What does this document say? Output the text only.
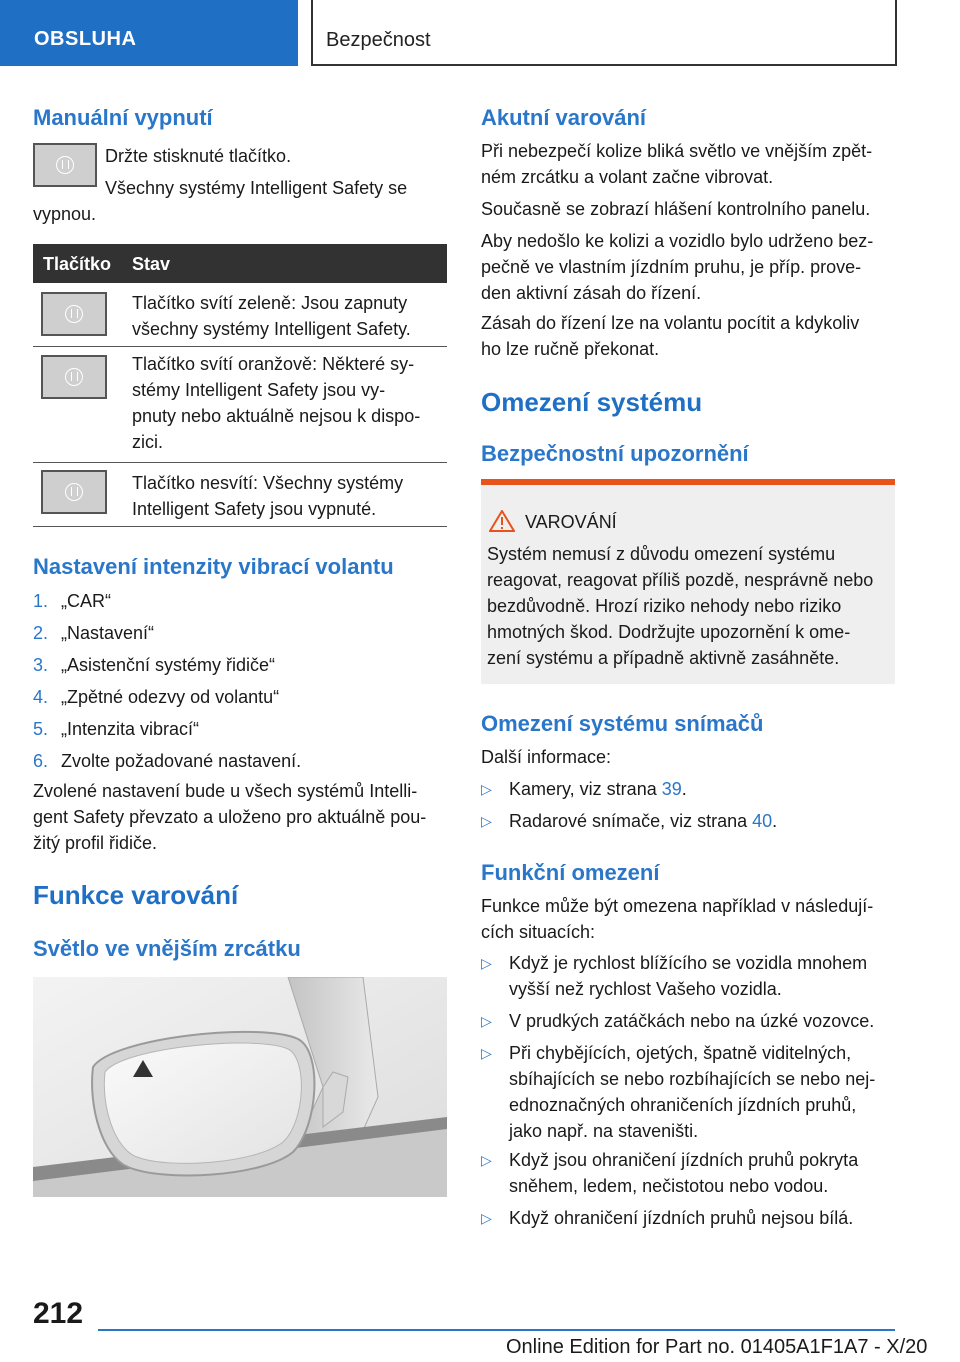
OBSLUHA	Bezpečnost
Manuální vypnutí
Držte stisknuté tlačítko.
Všechny systémy Intelligent Safety se
vypnou.
Tlačítko Stav
Tlačítko svítí zeleně: Jsou zapnuty
všechny systémy Intelligent Safety.
Tlačítko svítí oranžově: Některé sy-
stémy Intelligent Safety jsou vy-
pnuty nebo aktuálně nejsou k dispo-
zici.
Tlačítko nesvítí: Všechny systémy
Intelligent Safety jsou vypnuté.
Nastavení intenzity vibrací volantu
1. „CAR“
2. „Nastavení“
3. „Asistenční systémy řidiče“
4. „Zpětné odezvy od volantu“
5. „Intenzita vibrací“
6. Zvolte požadované nastavení.
Zvolené nastavení bude u všech systémů Intelli-
gent Safety převzato a uloženo pro aktuálně pou-
žitý profil řidiče.
Funkce varování
Světlo ve vnějším zrcátku
Akutní varování
Při nebezpečí kolize bliká světlo ve vnějším zpět-
ném zrcátku a volant začne vibrovat.
Současně se zobrazí hlášení kontrolního panelu.
Aby nedošlo ke kolizi a vozidlo bylo udrženo bez-
pečně ve vlastním jízdním pruhu, je příp. prove-
den aktivní zásah do řízení.
Zásah do řízení lze na volantu pocítit a kdykoliv
ho lze ručně překonat.
Omezení systému
Bezpečnostní upozornění
VAROVÁNÍ
Systém nemusí z důvodu omezení systému
reagovat, reagovat příliš pozdě, nesprávně nebo
bezdůvodně. Hrozí riziko nehody nebo riziko
hmotných škod. Dodržujte upozornění k ome-
zení systému a případně aktivně zasáhněte.
Omezení systému snímačů
Další informace:
▷ Kamery, viz strana 39.
▷ Radarové snímače, viz strana 40.
Funkční omezení
Funkce může být omezena například v následují-
cích situacích:
▷ Když je rychlost blížícího se vozidla mnohem
vyšší než rychlost Vašeho vozidla.
▷ V prudkých zatáčkách nebo na úzké vozovce.
▷ Při chybějících, ojetých, špatně viditelných,
sbíhajících se nebo rozbíhajících se nebo nej-
ednoznačných ohraničeních jízdních pruhů,
jako např. na staveništi.
▷ Když jsou ohraničení jízdních pruhů pokryta
sněhem, ledem, nečistotou nebo vodou.
▷ Když ohraničení jízdních pruhů nejsou bílá.
212
Online Edition for Part no. 01405A1F1A7 - X/20
